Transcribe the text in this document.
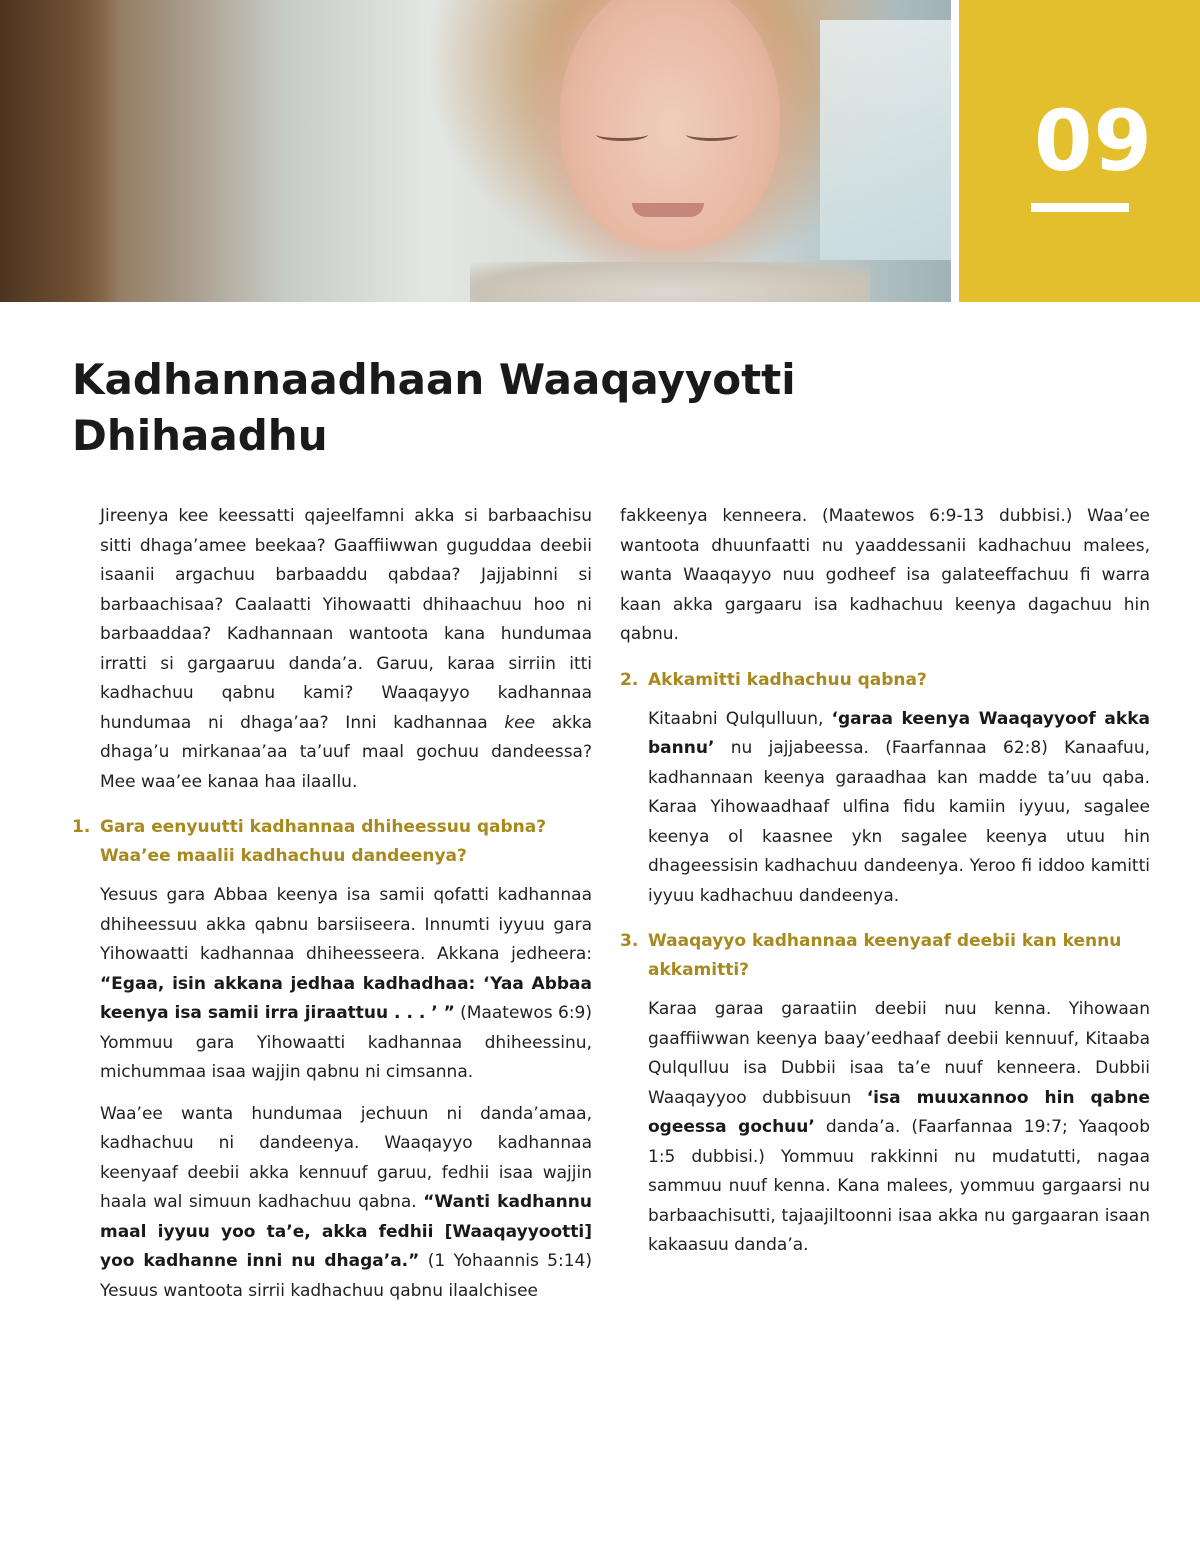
09
Kadhannaadhaan Waaqayyotti
Dhihaadhu

Jireenya kee keessatti qajeelfamni akka si barbaachisu sitti dhaga’amee beekaa? Gaaffiiwwan guguddaa deebii isaanii argachuu barbaaddu qabdaa? Jajjabinni si barbaachisaa? Caalaatti Yihowaatti dhihaachuu hoo ni barbaaddaa? Kadhannaan wantoota kana hundumaa irratti si gargaaruu danda’a. Garuu, karaa sirriin itti kadhachuu qabnu kami? Waaqayyo kadhannaa hundumaa ni dhaga’aa? Inni kadhannaa kee akka dhaga’u mirkanaa’aa ta’uuf maal gochuu dandeessa? Mee waa’ee kanaa haa ilaallu.

1. Gara eenyuutti kadhannaa dhiheessuu qabna? Waa’ee maalii kadhachuu dandeenya?

Yesuus gara Abbaa keenya isa samii qofatti kadhannaa dhiheessuu akka qabnu barsiiseera. Innumti iyyuu gara Yihowaatti kadhannaa dhiheesseera. Akkana jedheera: “Egaa, isin akkana jedhaa kadhadhaa: ‘Yaa Abbaa keenya isa samii irra jiraattuu . . . ’ ” (Maatewos 6:9) Yommuu gara Yihowaatti kadhannaa dhiheessinu, michummaa isaa wajjin qabnu ni cimsanna.

Waa’ee wanta hundumaa jechuun ni danda’amaa, kadhachuu ni dandeenya. Waaqayyo kadhannaa keenyaaf deebii akka kennuuf garuu, fedhii isaa wajjin haala wal simuun kadhachuu qabna. “Wanti kadhannu maal iyyuu yoo ta’e, akka fedhii [Waaqayyootti] yoo kadhanne inni nu dhaga’a.” (1 Yohaannis 5:14) Yesuus wantoota sirrii kadhachuu qabnu ilaalchisee

fakkeenya kenneera. (Maatewos 6:9-13 dubbisi.) Waa’ee wantoota dhuunfaatti nu yaaddessanii kadhachuu malees, wanta Waaqayyo nuu godheef isa galateeffachuu fi warra kaan akka gargaaru isa kadhachuu keenya dagachuu hin qabnu.

2. Akkamitti kadhachuu qabna?

Kitaabni Qulqulluun, ‘garaa keenya Waaqayyoof akka bannu’ nu jajjabeessa. (Faarfannaa 62:8) Kanaafuu, kadhannaan keenya garaadhaa kan madde ta’uu qaba. Karaa Yihowaadhaaf ulfina fidu kamiin iyyuu, sagalee keenya ol kaasnee ykn sagalee keenya utuu hin dhageessisin kadhachuu dandeenya. Yeroo fi iddoo kamitti iyyuu kadhachuu dandeenya.

3. Waaqayyo kadhannaa keenyaaf deebii kan kennu akkamitti?

Karaa garaa garaatiin deebii nuu kenna. Yihowaan gaaffiiwwan keenya baay’eedhaaf deebii kennuuf, Kitaaba Qulqulluu isa Dubbii isaa ta’e nuuf kenneera. Dubbii Waaqayyoo dubbisuun ‘isa muuxannoo hin qabne ogeessa gochuu’ danda’a. (Faarfannaa 19:7; Yaaqoob 1:5 dubbisi.) Yommuu rakkinni nu mudatutti, nagaa sammuu nuuf kenna. Kana malees, yommuu gargaarsi nu barbaachisutti, tajaajiltoonni isaa akka nu gargaaran isaan kakaasuu danda’a.
